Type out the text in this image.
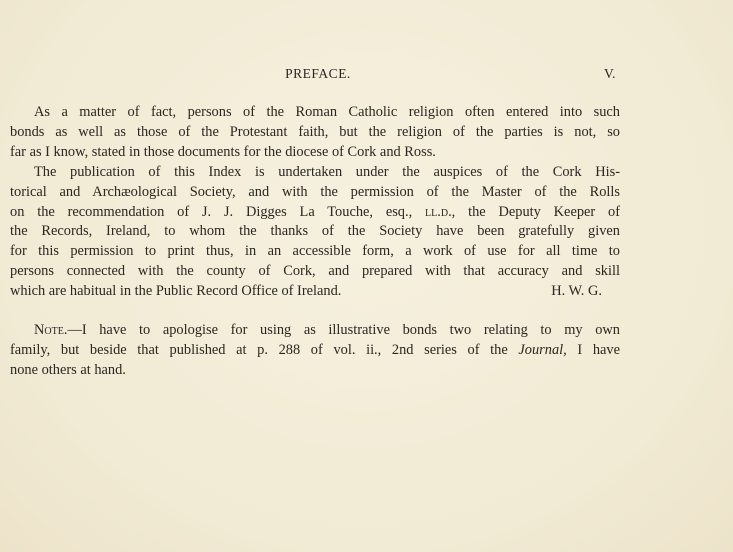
PREFACE.	V.
As a matter of fact, persons of the Roman Catholic religion often entered into such
bonds as well as those of the Protestant faith, but the religion of the parties is not, so
far as I know, stated in those documents for the diocese of Cork and Ross.
The publication of this Index is undertaken under the auspices of the Cork His-
torical and Archæological Society, and with the permission of the Master of the Rolls
on the recommendation of J. J. Digges La Touche, esq., ll.d., the Deputy Keeper of
the Records, Ireland, to whom the thanks of the Society have been gratefully given
for this permission to print thus, in an accessible form, a work of use for all time to
persons connected with the county of Cork, and prepared with that accuracy and skill
which are habitual in the Public Record Office of Ireland.	H. W. G.
Note.—I have to apologise for using as illustrative bonds two relating to my own
family, but beside that published at p. 288 of vol. ii., 2nd series of the Journal, I have
none others at hand.
